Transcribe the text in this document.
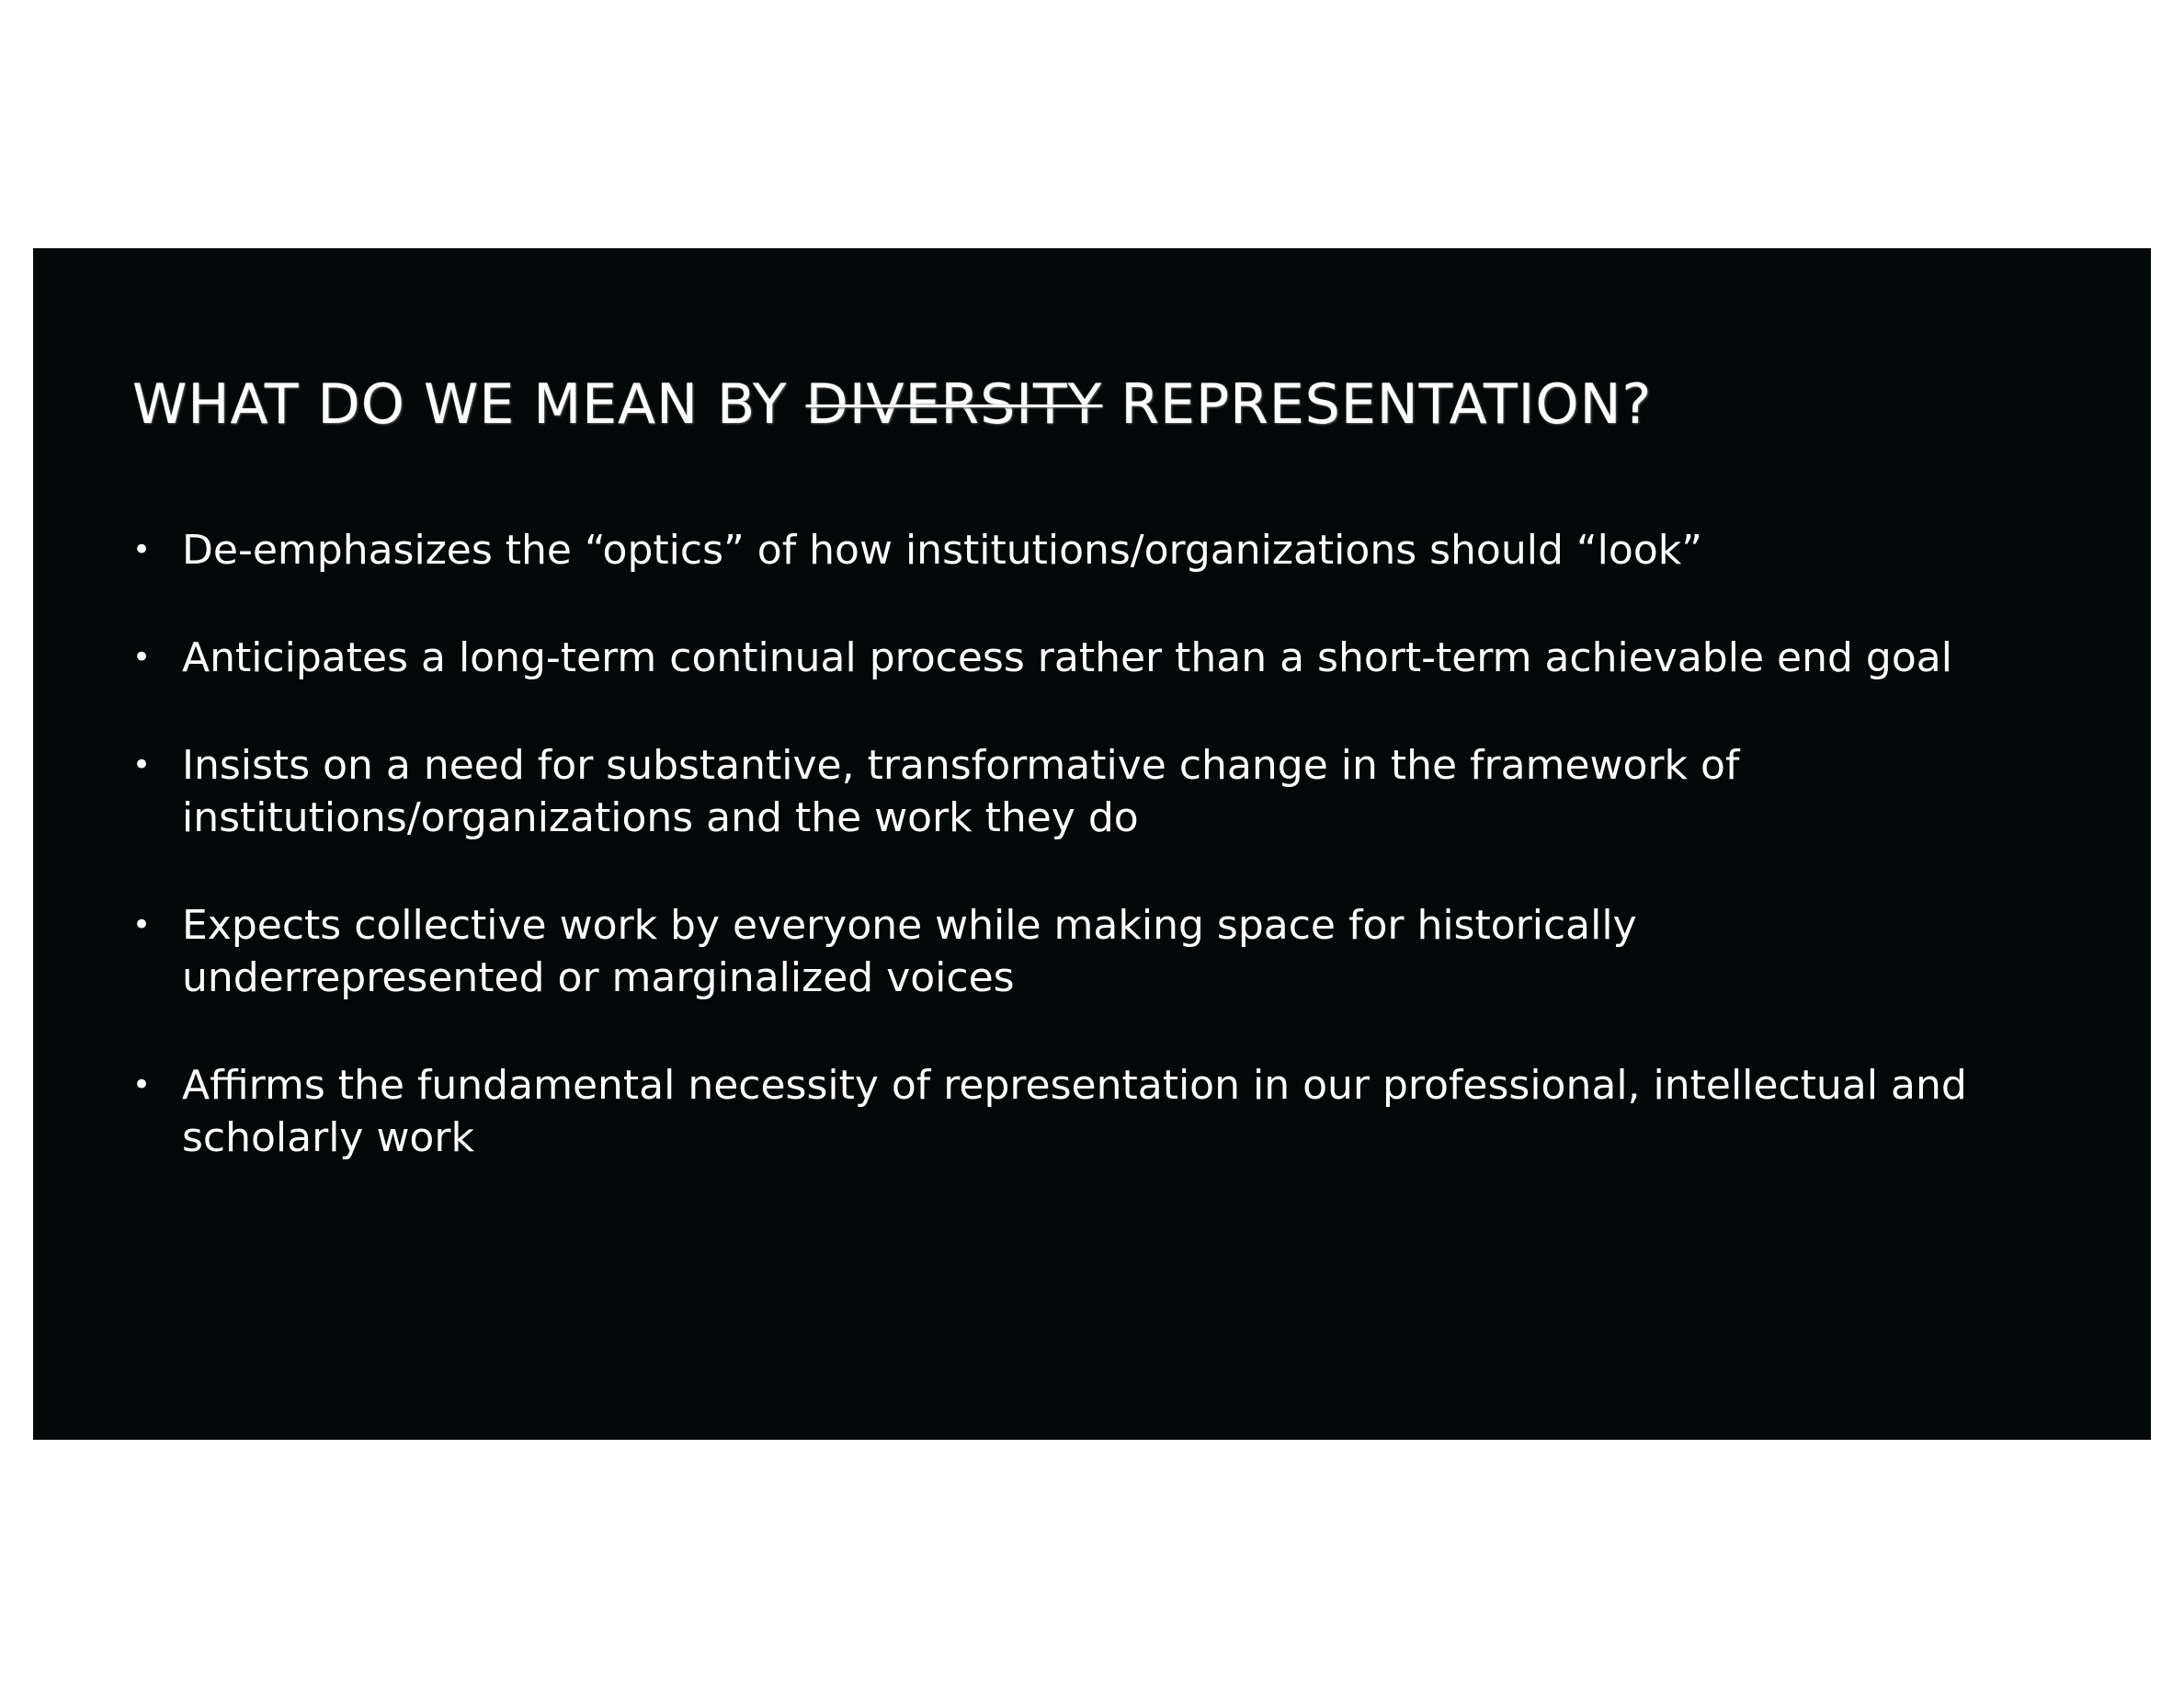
WHAT DO WE MEAN BY DIVERSITY REPRESENTATION?
• De-emphasizes the “optics” of how institutions/organizations should “look”
• Anticipates a long-term continual process rather than a short-term achievable end goal
• Insists on a need for substantive, transformative change in the framework of institutions/organizations and the work they do
• Expects collective work by everyone while making space for historically underrepresented or marginalized voices
• Affirms the fundamental necessity of representation in our professional, intellectual and scholarly work
